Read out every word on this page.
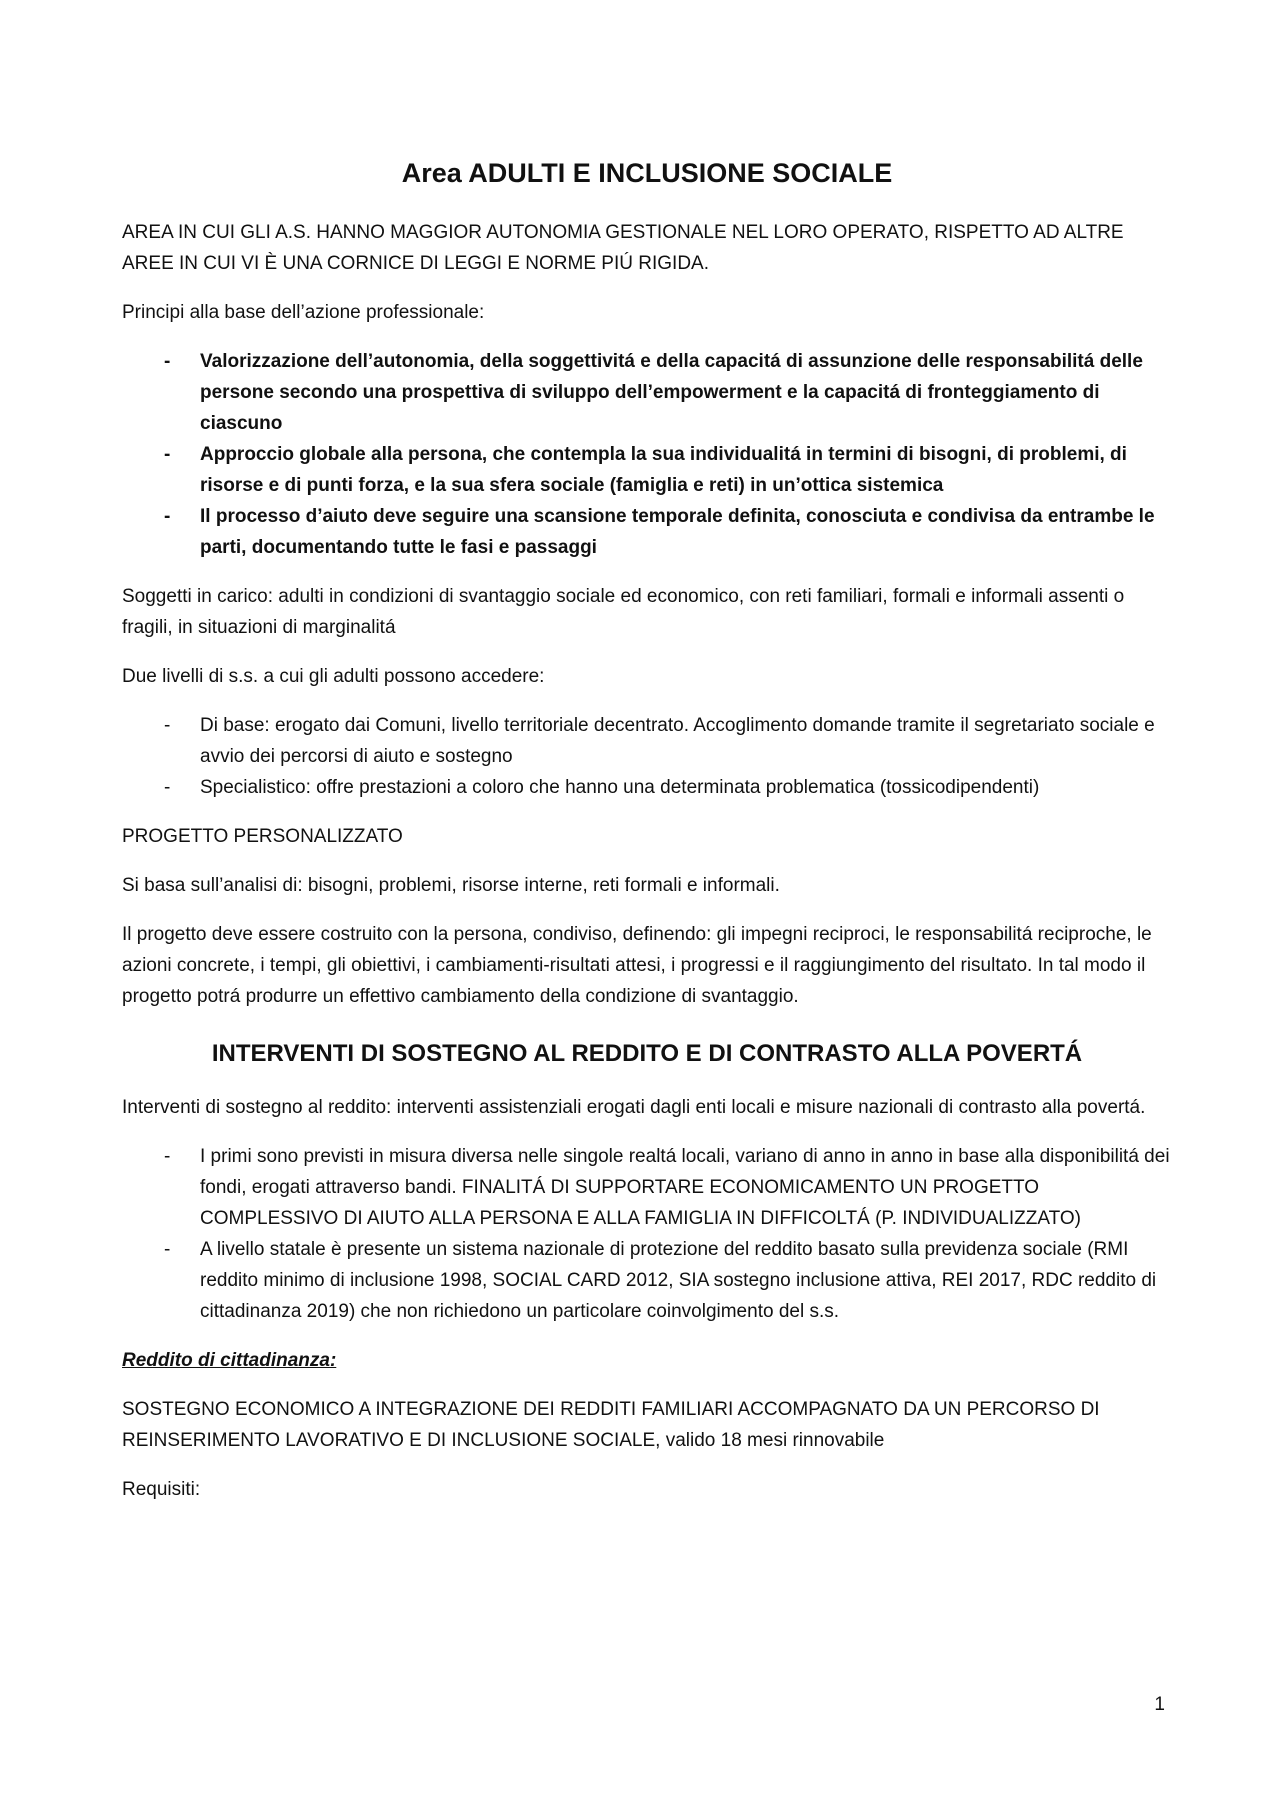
Area ADULTI E INCLUSIONE SOCIALE

AREA IN CUI GLI A.S. HANNO MAGGIOR AUTONOMIA GESTIONALE NEL LORO OPERATO, RISPETTO AD ALTRE AREE IN CUI VI È UNA CORNICE DI LEGGI E NORME PIÚ RIGIDA.

Principi alla base dell’azione professionale:

- Valorizzazione dell’autonomia, della soggettivitá e della capacitá di assunzione delle responsabilitá delle persone secondo una prospettiva di sviluppo dell’empowerment e la capacitá di fronteggiamento di ciascuno
- Approccio globale alla persona, che contempla la sua individualitá in termini di bisogni, di problemi, di risorse e di punti forza, e la sua sfera sociale (famiglia e reti) in un’ottica sistemica
- Il processo d’aiuto deve seguire una scansione temporale definita, conosciuta e condivisa da entrambe le parti, documentando tutte le fasi e passaggi

Soggetti in carico: adulti in condizioni di svantaggio sociale ed economico, con reti familiari, formali e informali assenti o fragili, in situazioni di marginalitá

Due livelli di s.s. a cui gli adulti possono accedere:

- Di base: erogato dai Comuni, livello territoriale decentrato. Accoglimento domande tramite il segretariato sociale e avvio dei percorsi di aiuto e sostegno
- Specialistico: offre prestazioni a coloro che hanno una determinata problematica (tossicodipendenti)

PROGETTO PERSONALIZZATO

Si basa sull’analisi di: bisogni, problemi, risorse interne, reti formali e informali.

Il progetto deve essere costruito con la persona, condiviso, definendo: gli impegni reciproci, le responsabilitá reciproche, le azioni concrete, i tempi, gli obiettivi, i cambiamenti-risultati attesi, i progressi e il raggiungimento del risultato. In tal modo il progetto potrá produrre un effettivo cambiamento della condizione di svantaggio.

INTERVENTI DI SOSTEGNO AL REDDITO E DI CONTRASTO ALLA POVERTÁ

Interventi di sostegno al reddito: interventi assistenziali erogati dagli enti locali e misure nazionali di contrasto alla povertá.

- I primi sono previsti in misura diversa nelle singole realtá locali, variano di anno in anno in base alla disponibilitá dei fondi, erogati attraverso bandi. FINALITÁ DI SUPPORTARE ECONOMICAMENTO UN PROGETTO COMPLESSIVO DI AIUTO ALLA PERSONA E ALLA FAMIGLIA IN DIFFICOLTÁ (P. INDIVIDUALIZZATO)
- A livello statale è presente un sistema nazionale di protezione del reddito basato sulla previdenza sociale (RMI reddito minimo di inclusione 1998, SOCIAL CARD 2012, SIA sostegno inclusione attiva, REI 2017, RDC reddito di cittadinanza 2019) che non richiedono un particolare coinvolgimento del s.s.

Reddito di cittadinanza:

SOSTEGNO ECONOMICO A INTEGRAZIONE DEI REDDITI FAMILIARI ACCOMPAGNATO DA UN PERCORSO DI REINSERIMENTO LAVORATIVO E DI INCLUSIONE SOCIALE, valido 18 mesi rinnovabile

Requisiti:

1
